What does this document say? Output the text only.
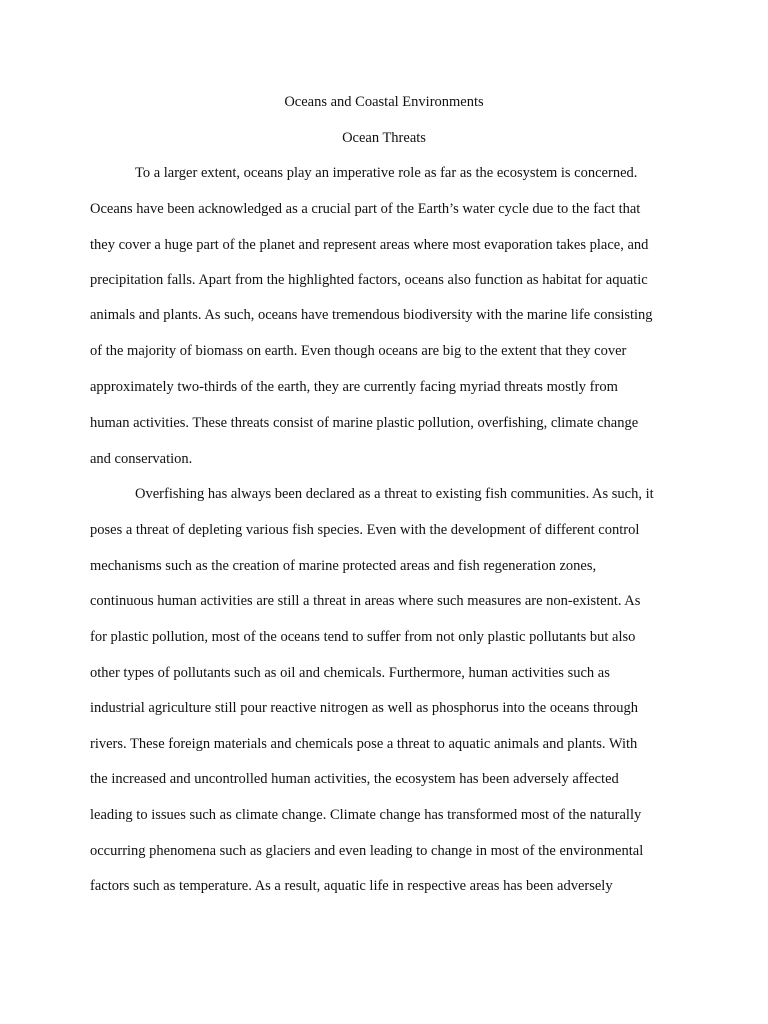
Oceans and Coastal Environments
Ocean Threats
To a larger extent, oceans play an imperative role as far as the ecosystem is concerned.
Oceans have been acknowledged as a crucial part of the Earth’s water cycle due to the fact that
they cover a huge part of the planet and represent areas where most evaporation takes place, and
precipitation falls. Apart from the highlighted factors, oceans also function as habitat for aquatic
animals and plants. As such, oceans have tremendous biodiversity with the marine life consisting
of the majority of biomass on earth. Even though oceans are big to the extent that they cover
approximately two-thirds of the earth, they are currently facing myriad threats mostly from
human activities. These threats consist of marine plastic pollution, overfishing, climate change
and conservation.
Overfishing has always been declared as a threat to existing fish communities. As such, it
poses a threat of depleting various fish species. Even with the development of different control
mechanisms such as the creation of marine protected areas and fish regeneration zones,
continuous human activities are still a threat in areas where such measures are non-existent. As
for plastic pollution, most of the oceans tend to suffer from not only plastic pollutants but also
other types of pollutants such as oil and chemicals. Furthermore, human activities such as
industrial agriculture still pour reactive nitrogen as well as phosphorus into the oceans through
rivers. These foreign materials and chemicals pose a threat to aquatic animals and plants. With
the increased and uncontrolled human activities, the ecosystem has been adversely affected
leading to issues such as climate change. Climate change has transformed most of the naturally
occurring phenomena such as glaciers and even leading to change in most of the environmental
factors such as temperature. As a result, aquatic life in respective areas has been adversely
